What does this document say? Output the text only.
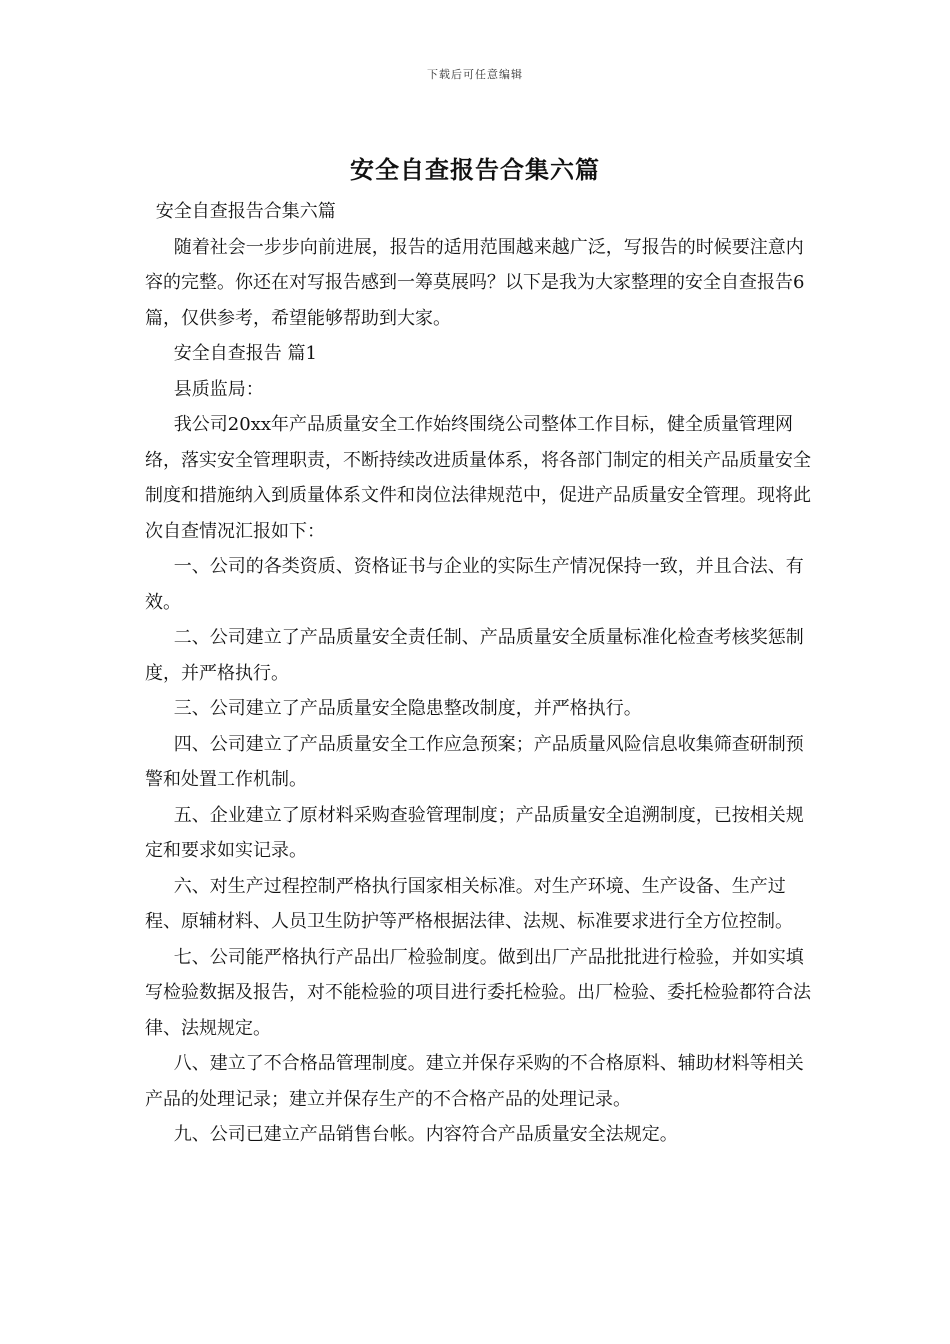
下载后可任意编辑
安全自查报告合集六篇

安全自查报告合集六篇

随着社会一步步向前进展，报告的适用范围越来越广泛，写报告的时候要注意内容的完整。你还在对写报告感到一筹莫展吗？以下是我为大家整理的安全自查报告6篇，仅供参考，希望能够帮助到大家。

安全自查报告 篇1

县质监局：

我公司20xx年产品质量安全工作始终围绕公司整体工作目标，健全质量管理网络，落实安全管理职责，不断持续改进质量体系，将各部门制定的相关产品质量安全制度和措施纳入到质量体系文件和岗位法律规范中，促进产品质量安全管理。现将此次自查情况汇报如下：

一、公司的各类资质、资格证书与企业的实际生产情况保持一致，并且合法、有效。

二、公司建立了产品质量安全责任制、产品质量安全质量标准化检查考核奖惩制度，并严格执行。

三、公司建立了产品质量安全隐患整改制度，并严格执行。

四、公司建立了产品质量安全工作应急预案；产品质量风险信息收集筛查研制预警和处置工作机制。

五、企业建立了原材料采购查验管理制度；产品质量安全追溯制度，已按相关规定和要求如实记录。

六、对生产过程控制严格执行国家相关标准。对生产环境、生产设备、生产过程、原辅材料、人员卫生防护等严格根据法律、法规、标准要求进行全方位控制。

七、公司能严格执行产品出厂检验制度。做到出厂产品批批进行检验，并如实填写检验数据及报告，对不能检验的项目进行委托检验。出厂检验、委托检验都符合法律、法规规定。

八、建立了不合格品管理制度。建立并保存采购的不合格原料、辅助材料等相关产品的处理记录；建立并保存生产的不合格产品的处理记录。

九、公司已建立产品销售台帐。内容符合产品质量安全法规定。
